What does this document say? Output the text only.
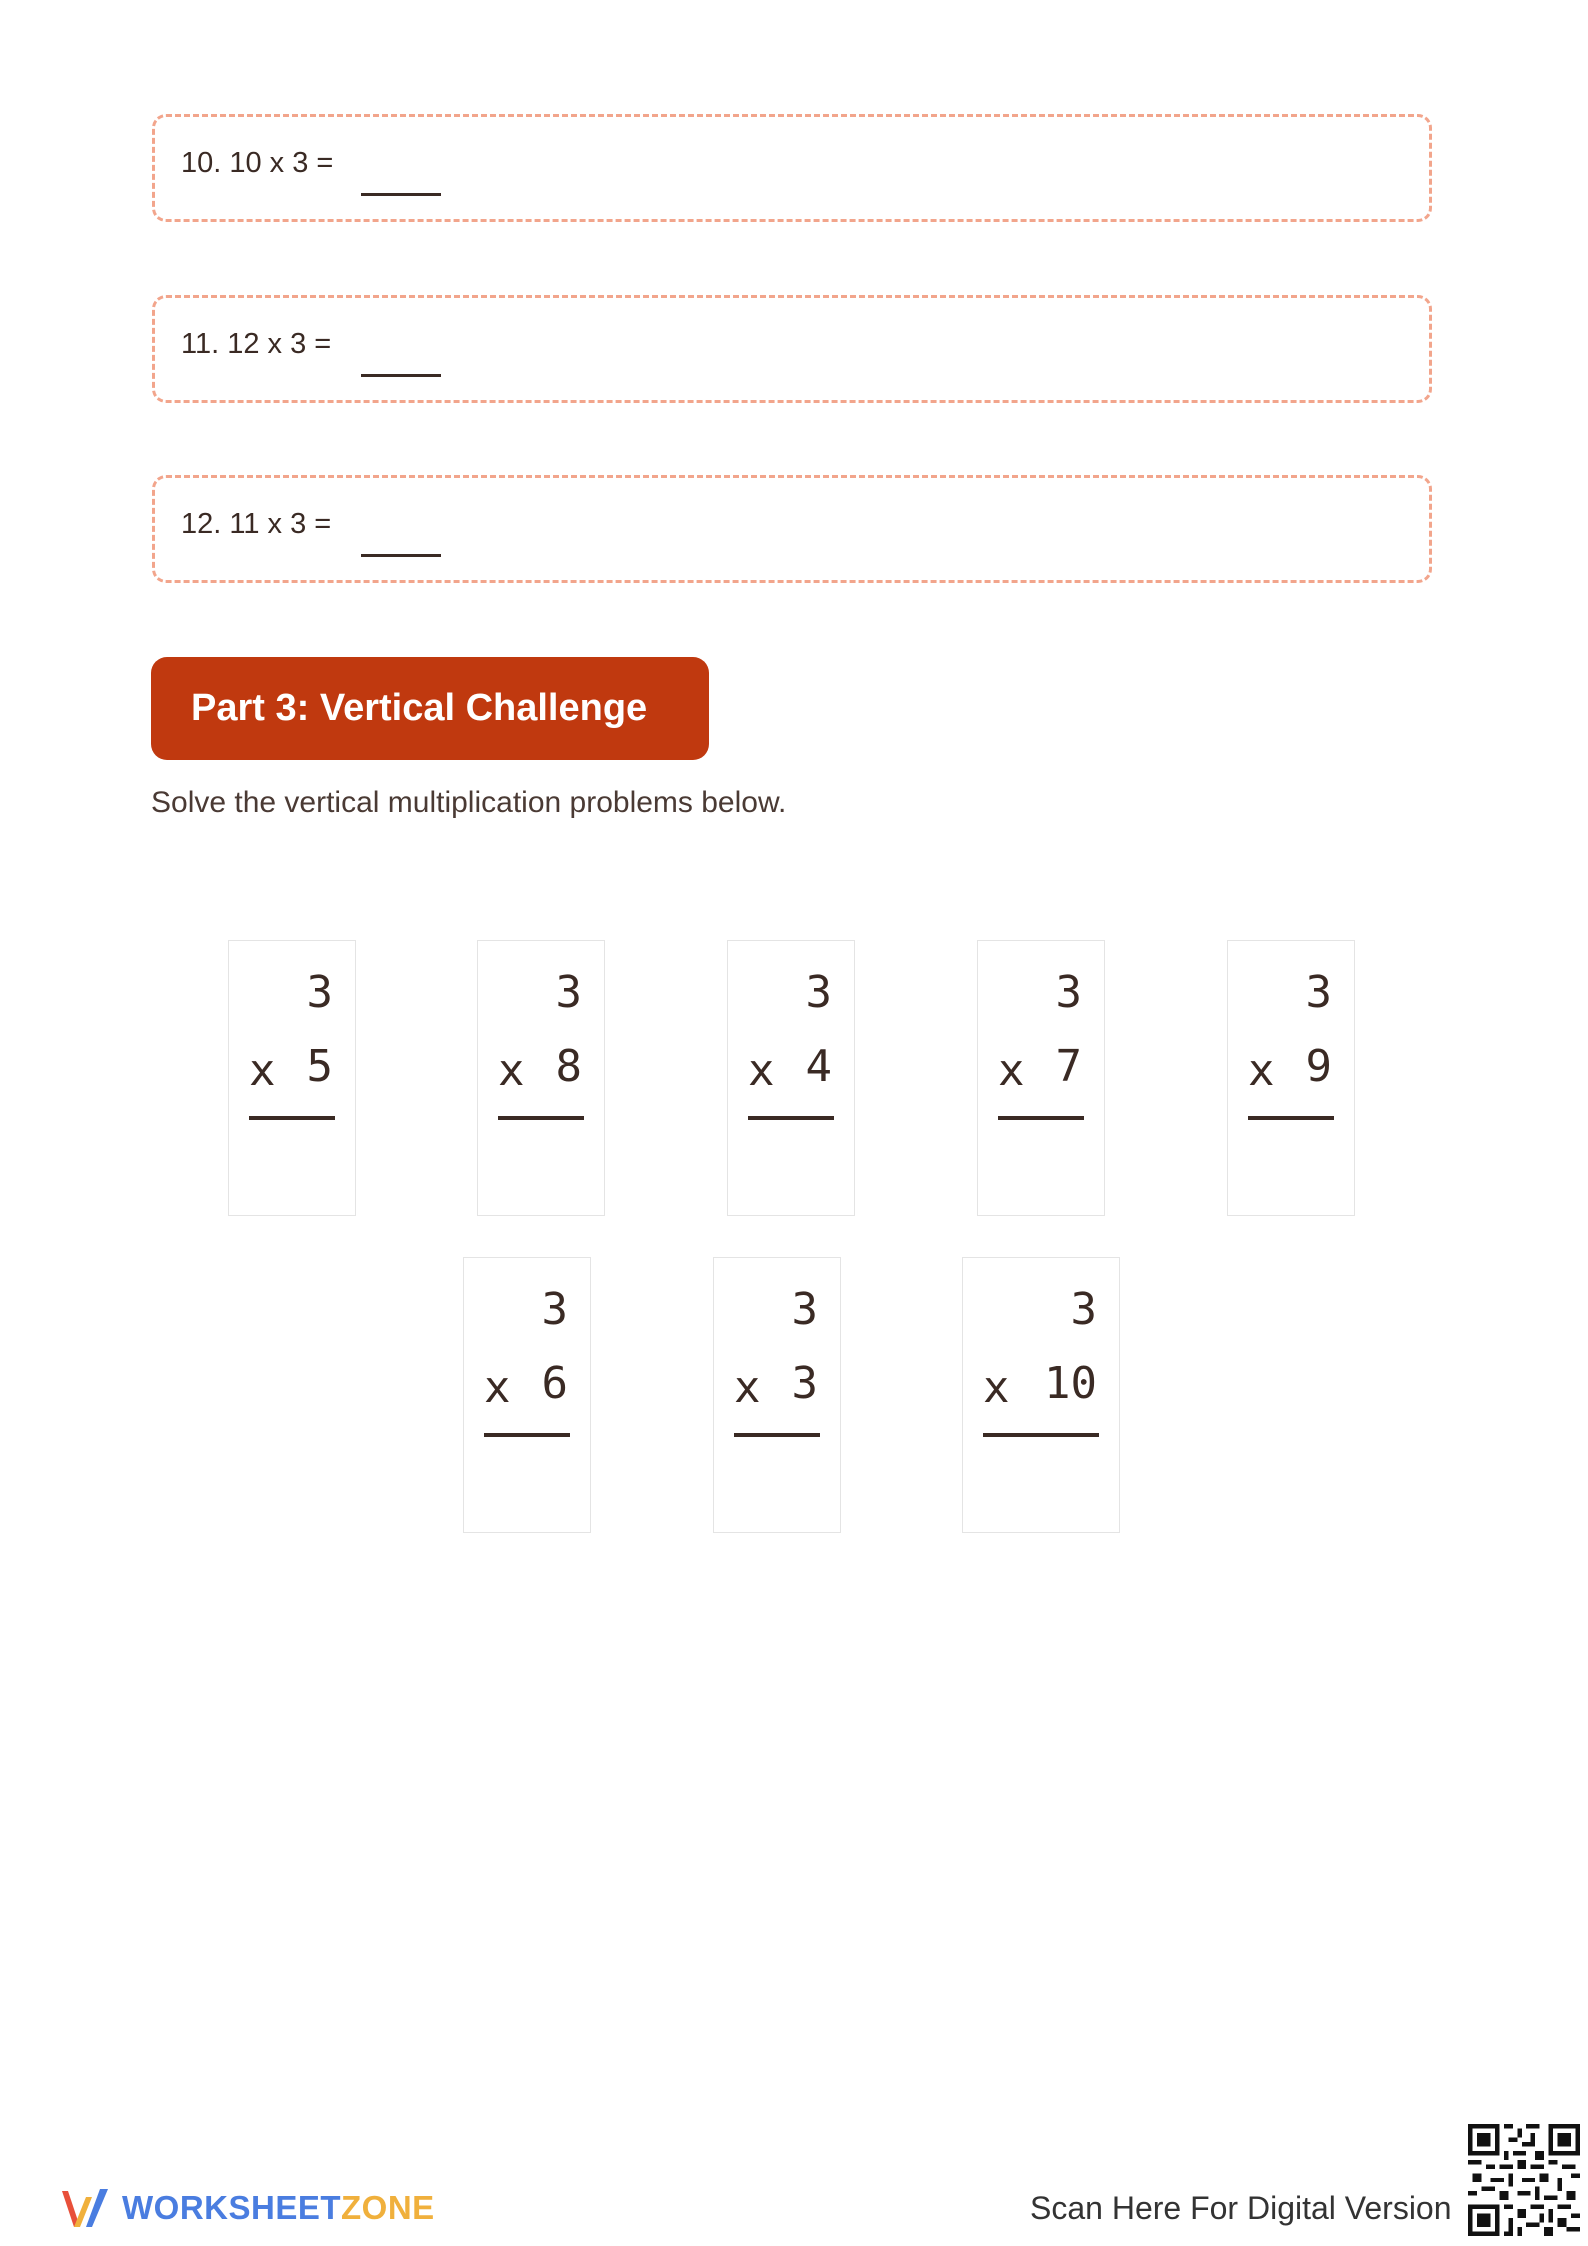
10. 10 x 3 =
11. 12 x 3 =
12. 11 x 3 =
Part 3: Vertical Challenge
Solve the vertical multiplication problems below.
3
x 5
3
x 8
3
x 4
3
x 7
3
x 9
3
x 6
3
x 3
3
x 10
WORKSHEETZONE	Scan Here For Digital Version
